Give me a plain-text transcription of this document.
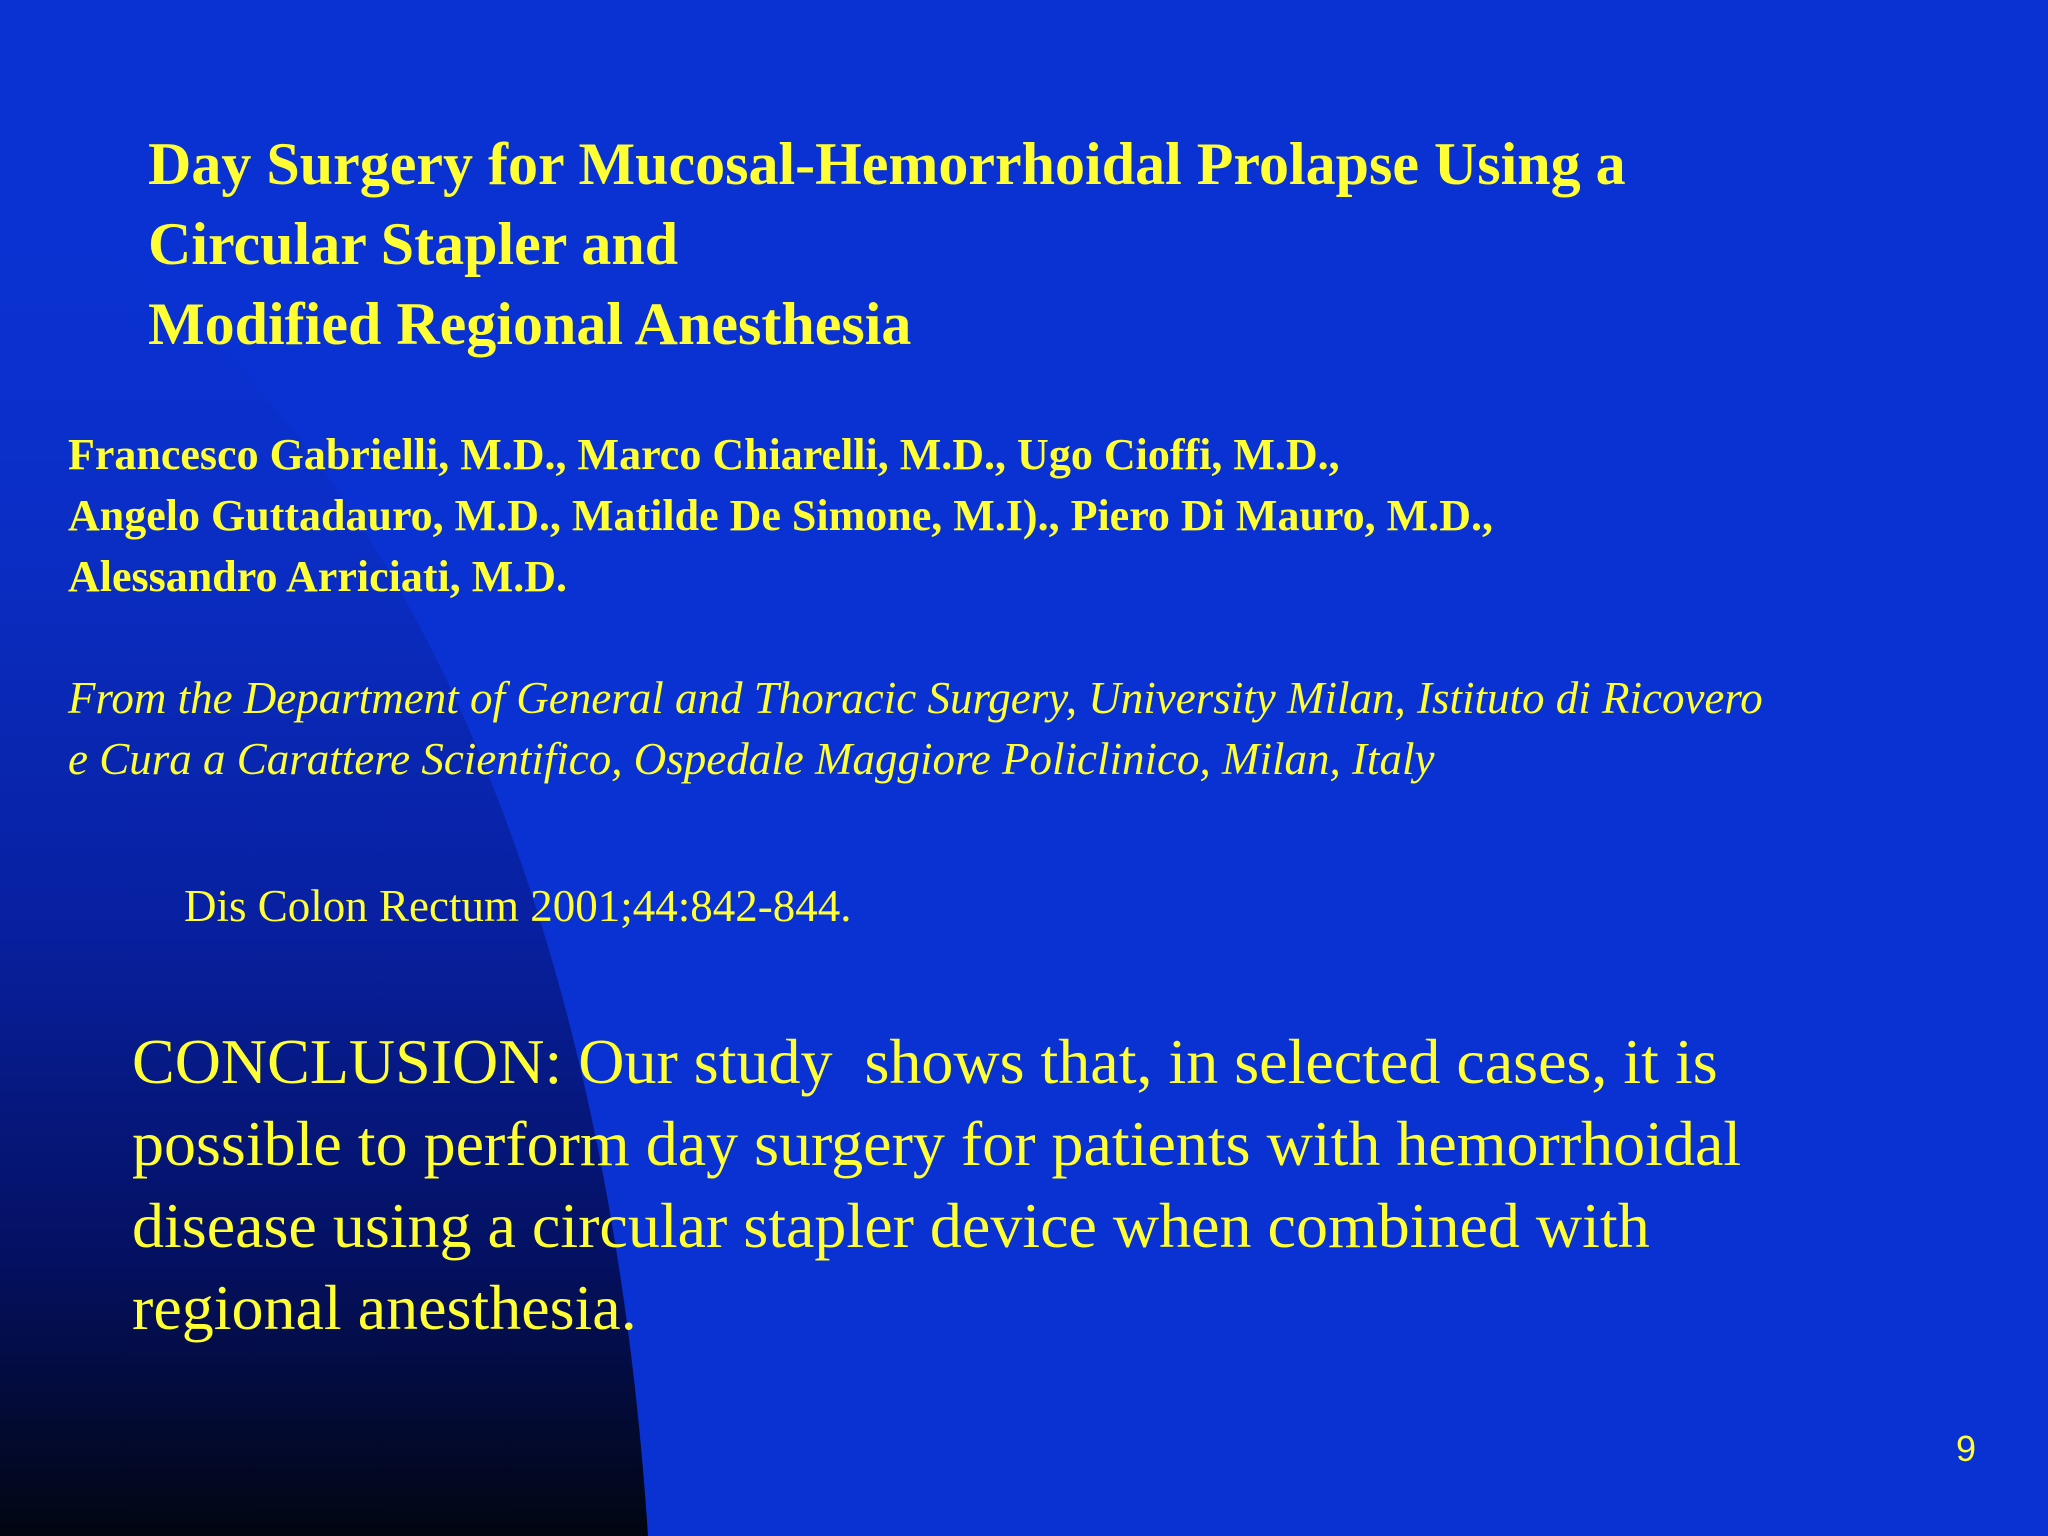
Day Surgery for Mucosal-Hemorrhoidal Prolapse Using a
Circular Stapler and
Modified Regional Anesthesia
Francesco Gabrielli, M.D., Marco Chiarelli, M.D., Ugo Cioffi, M.D.,
Angelo Guttadauro, M.D., Matilde De Simone, M.I)., Piero Di Mauro, M.D.,
Alessandro Arriciati, M.D.
From the Department of General and Thoracic Surgery, University Milan, Istituto di Ricovero
e Cura a Carattere Scientifico, Ospedale Maggiore Policlinico, Milan, Italy
Dis Colon Rectum 2001;44:842-844.
CONCLUSION: Our study  shows that, in selected cases, it is
possible to perform day surgery for patients with hemorrhoidal
disease using a circular stapler device when combined with
regional anesthesia.
9
